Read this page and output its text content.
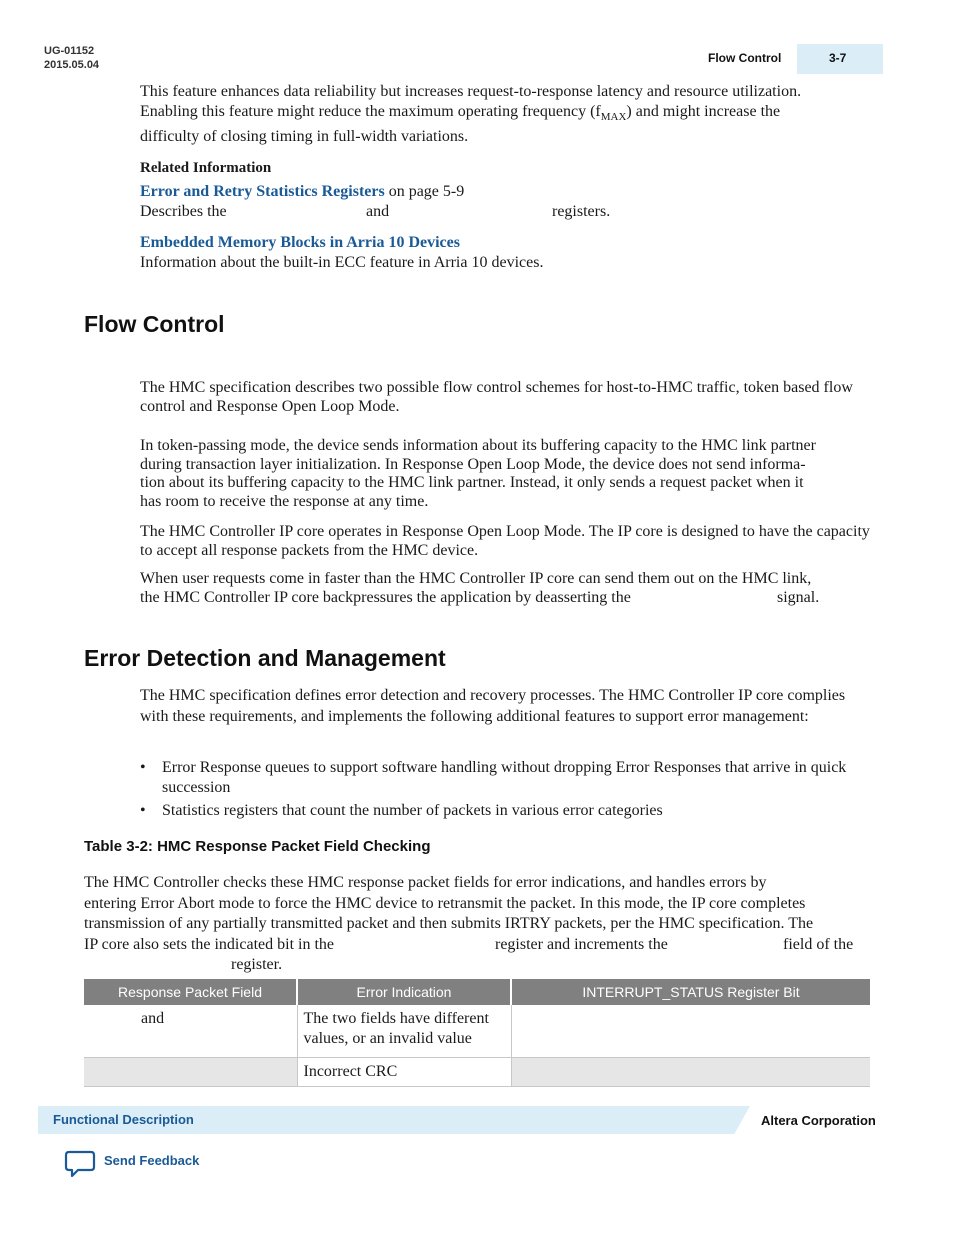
UG-01152
2015.05.04	Flow Control	3-7
This feature enhances data reliability but increases request-to-response latency and resource utilization.
Enabling this feature might reduce the maximum operating frequency $(f_{MAX})$ and might increase the
difficulty of closing timing in full-width variations.
Related Information
Error and Retry Statistics Registers on page 5-9
Describes the	and	registers.
Embedded Memory Blocks in Arria 10 Devices
Information about the built-in ECC feature in Arria 10 devices.
Flow Control
The HMC specification describes two possible flow control schemes for host-to-HMC traffic, token based flow control and Response Open Loop Mode.
In token-passing mode, the device sends information about its buffering capacity to the HMC link partner
during transaction layer initialization. In Response Open Loop Mode, the device does not send informa-
tion about its buffering capacity to the HMC link partner. Instead, it only sends a request packet when it
has room to receive the response at any time.
The HMC Controller IP core operates in Response Open Loop Mode. The IP core is designed to have the capacity to accept all response packets from the HMC device.
When user requests come in faster than the HMC Controller IP core can send them out on the HMC link,
the HMC Controller IP core backpressures the application by deasserting the	signal.
Error Detection and Management
The HMC specification defines error detection and recovery processes. The HMC Controller IP core complies with these requirements, and implements the following additional features to support error management:
• Error Response queues to support software handling without dropping Error Responses that arrive in quick succession
• Statistics registers that count the number of packets in various error categories
Table 3-2: HMC Response Packet Field Checking
The HMC Controller checks these HMC response packet fields for error indications, and handles errors by
entering Error Abort mode to force the HMC device to retransmit the packet. In this mode, the IP core completes
transmission of any partially transmitted packet and then submits IRTRY packets, per the HMC specification. The
IP core also sets the indicated bit in the	register and increments the	field of the
register.
Response Packet Field	Error Indication	INTERRUPT_STATUS Register Bit
and	The two fields have different values, or an invalid value	
	Incorrect CRC	
Functional Description	Altera Corporation
Send Feedback
